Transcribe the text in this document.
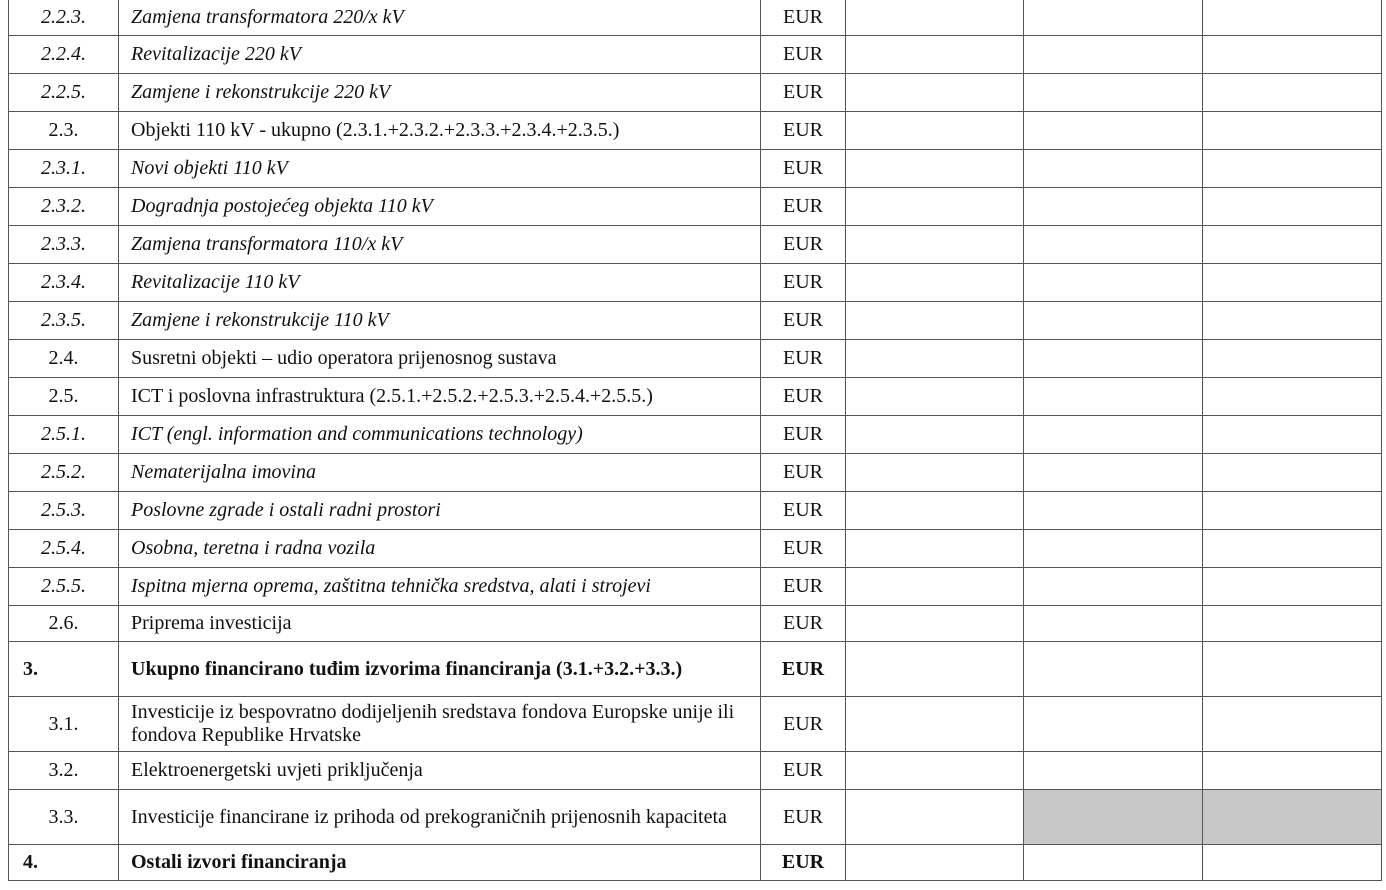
2.2.3.	Zamjena transformatora 220/x kV	EUR			
2.2.4.	Revitalizacije 220 kV	EUR			
2.2.5.	Zamjene i rekonstrukcije 220 kV	EUR			
2.3.	Objekti 110 kV - ukupno (2.3.1.+2.3.2.+2.3.3.+2.3.4.+2.3.5.)	EUR			
2.3.1.	Novi objekti 110 kV	EUR			
2.3.2.	Dogradnja postojećeg objekta 110 kV	EUR			
2.3.3.	Zamjena transformatora 110/x kV	EUR			
2.3.4.	Revitalizacije 110 kV	EUR			
2.3.5.	Zamjene i rekonstrukcije 110 kV	EUR			
2.4.	Susretni objekti – udio operatora prijenosnog sustava	EUR			
2.5.	ICT i poslovna infrastruktura (2.5.1.+2.5.2.+2.5.3.+2.5.4.+2.5.5.)	EUR			
2.5.1.	ICT (engl. information and communications technology)	EUR			
2.5.2.	Nematerijalna imovina	EUR			
2.5.3.	Poslovne zgrade i ostali radni prostori	EUR			
2.5.4.	Osobna, teretna i radna vozila	EUR			
2.5.5.	Ispitna mjerna oprema, zaštitna tehnička sredstva, alati i strojevi	EUR			
2.6.	Priprema investicija	EUR			
3.	Ukupno financirano tuđim izvorima financiranja (3.1.+3.2.+3.3.)	EUR			
3.1.	Investicije iz bespovratno dodijeljenih sredstava fondova Europske unije ili fondova Republike Hrvatske	EUR			
3.2.	Elektroenergetski uvjeti priključenja	EUR			
3.3.	Investicije financirane iz prihoda od prekograničnih prijenosnih kapaciteta	EUR			
4.	Ostali izvori financiranja	EUR			
